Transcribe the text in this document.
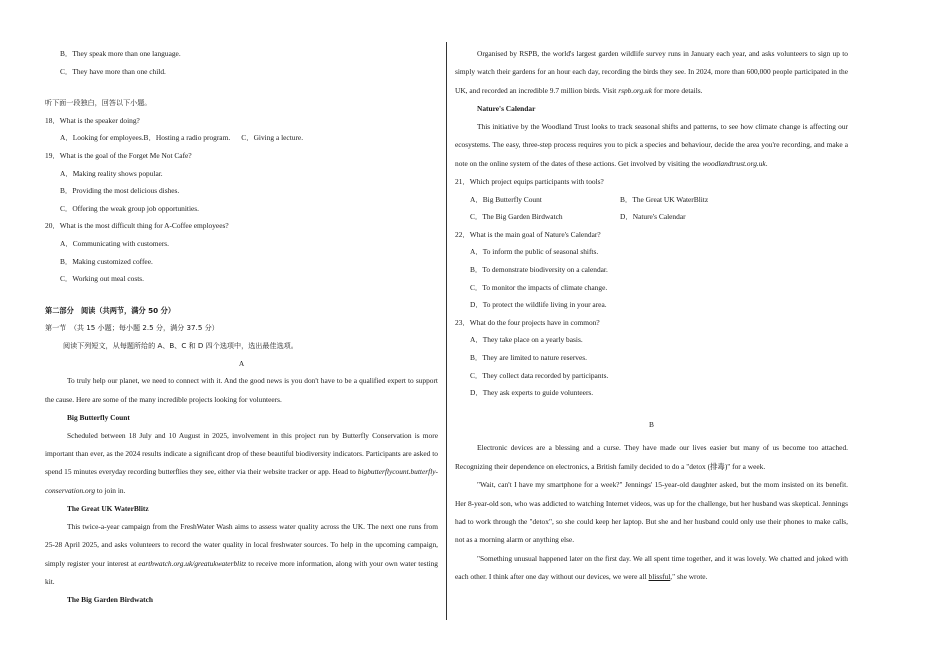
B．They speak more than one language.

C．They have more than one child.

听下面一段独白，回答以下小题。

18．What is the speaker doing?

A．Looking for employees.B．Hosting a radio program. C．Giving a lecture.

19．What is the goal of the Forget Me Not Cafe?

A．Making reality shows popular.

B．Providing the most delicious dishes.

C．Offering the weak group job opportunities.

20．What is the most difficult thing for A-Coffee employees?

A．Communicating with customers.

B．Making customized coffee.

C．Working out meal costs.

第二部分　阅读（共两节，满分 50 分）

第一节　（共 15 小题；每小题 2.5 分，满分 37.5 分）

阅读下列短文，从每题所给的 A、B、C 和 D 四个选项中，选出最佳选项。

A

To truly help our planet, we need to connect with it. And the good news is you don't have to be a qualified expert to support the cause. Here are some of the many incredible projects looking for volunteers.

Big Butterfly Count

Scheduled between 18 July and 10 August in 2025, involvement in this project run by Butterfly Conservation is more important than ever, as the 2024 results indicate a significant drop of these beautiful biodiversity indicators. Participants are asked to spend 15 minutes everyday recording butterflies they see, either via their website tracker or app. Head to bigbutterflycount.butterfly-conservation.org to join in.

The Great UK WaterBlitz

This twice-a-year campaign from the FreshWater Wash aims to assess water quality across the UK. The next one runs from 25-28 April 2025, and asks volunteers to record the water quality in local freshwater sources. To help in the upcoming campaign, simply register your interest at earthwatch.org.uk/greatukwaterblitz to receive more information, along with your own water testing kit.

The Big Garden Birdwatch

Organised by RSPB, the world's largest garden wildlife survey runs in January each year, and asks volunteers to sign up to simply watch their gardens for an hour each day, recording the birds they see. In 2024, more than 600,000 people participated in the UK, and recorded an incredible 9.7 million birds. Visit rspb.org.uk for more details.

Nature's Calendar

This initiative by the Woodland Trust looks to track seasonal shifts and patterns, to see how climate change is affecting our ecosystems. The easy, three-step process requires you to pick a species and behaviour, decide the area you're recording, and make a note on the online system of the dates of these actions. Get involved by visiting the woodlandtrust.org.uk.

21．Which project equips participants with tools?

A．Big Butterfly Count	B．The Great UK WaterBlitz
C．The Big Garden Birdwatch	D．Nature's Calendar

22．What is the main goal of Nature's Calendar?

A．To inform the public of seasonal shifts.

B．To demonstrate biodiversity on a calendar.

C．To monitor the impacts of climate change.

D．To protect the wildlife living in your area.

23．What do the four projects have in common?

A．They take place on a yearly basis.

B．They are limited to nature reserves.

C．They collect data recorded by participants.

D．They ask experts to guide volunteers.

B

Electronic devices are a blessing and a curse. They have made our lives easier but many of us become too attached. Recognizing their dependence on electronics, a British family decided to do a "detox (排毒)" for a week.

"Wait, can't I have my smartphone for a week?" Jennings' 15-year-old daughter asked, but the mom insisted on its benefit. Her 8-year-old son, who was addicted to watching Internet videos, was up for the challenge, but her husband was skeptical. Jennings had to work through the "detox", so she could keep her laptop. But she and her husband could only use their phones to make calls, not as a morning alarm or anything else.

"Something unusual happened later on the first day. We all spent time together, and it was lovely. We chatted and joked with each other. I think after one day without our devices, we were all blissful," she wrote.
